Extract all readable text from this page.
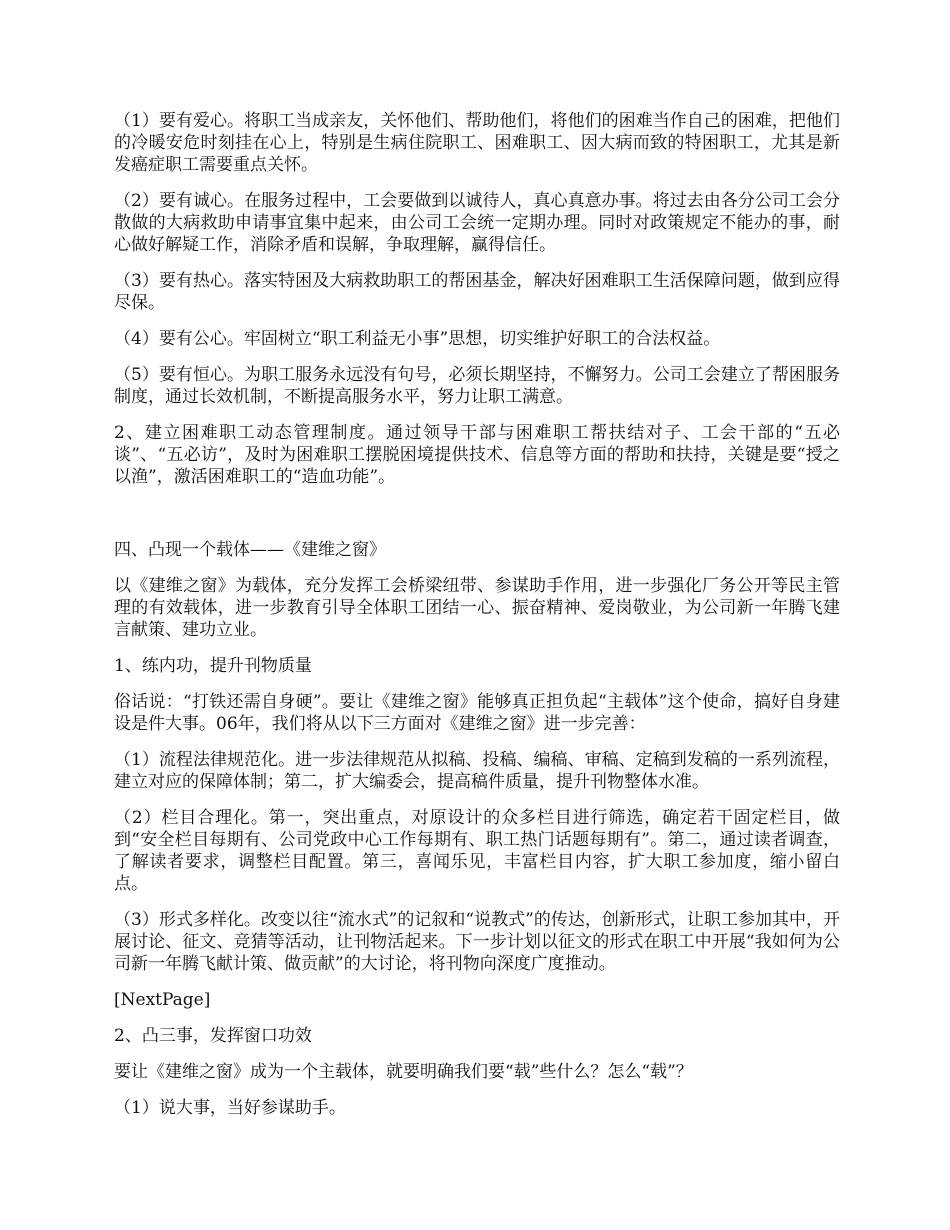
（1）要有爱心。将职工当成亲友，关怀他们、帮助他们，将他们的困难当作自己的困难，把他们的冷暖安危时刻挂在心上，特别是生病住院职工、困难职工、因大病而致的特困职工，尤其是新发癌症职工需要重点关怀。

（2）要有诚心。在服务过程中，工会要做到以诚待人，真心真意办事。将过去由各分公司工会分散做的大病救助申请事宜集中起来，由公司工会统一定期办理。同时对政策规定不能办的事，耐心做好解疑工作，消除矛盾和误解，争取理解，赢得信任。

（3）要有热心。落实特困及大病救助职工的帮困基金，解决好困难职工生活保障问题，做到应得尽保。

（4）要有公心。牢固树立“职工利益无小事”思想，切实维护好职工的合法权益。

（5）要有恒心。为职工服务永远没有句号，必须长期坚持，不懈努力。公司工会建立了帮困服务制度，通过长效机制，不断提高服务水平，努力让职工满意。

2、建立困难职工动态管理制度。通过领导干部与困难职工帮扶结对子、工会干部的“五必谈”、“五必访”，及时为困难职工摆脱困境提供技术、信息等方面的帮助和扶持，关键是要“授之以渔”，激活困难职工的“造血功能”。

四、凸现一个载体——《建维之窗》

以《建维之窗》为载体，充分发挥工会桥梁纽带、参谋助手作用，进一步强化厂务公开等民主管理的有效载体，进一步教育引导全体职工团结一心、振奋精神、爱岗敬业，为公司新一年腾飞建言献策、建功立业。

1、练内功，提升刊物质量

俗话说：“打铁还需自身硬”。要让《建维之窗》能够真正担负起“主载体”这个使命，搞好自身建设是件大事。06年，我们将从以下三方面对《建维之窗》进一步完善：

（1）流程法律规范化。进一步法律规范从拟稿、投稿、编稿、审稿、定稿到发稿的一系列流程，建立对应的保障体制；第二，扩大编委会，提高稿件质量，提升刊物整体水准。

（2）栏目合理化。第一，突出重点，对原设计的众多栏目进行筛选，确定若干固定栏目，做到“安全栏目每期有、公司党政中心工作每期有、职工热门话题每期有”。第二，通过读者调查，了解读者要求，调整栏目配置。第三，喜闻乐见，丰富栏目内容，扩大职工参加度，缩小留白点。

（3）形式多样化。改变以往“流水式”的记叙和“说教式”的传达，创新形式，让职工参加其中，开展讨论、征文、竞猜等活动，让刊物活起来。下一步计划以征文的形式在职工中开展“我如何为公司新一年腾飞献计策、做贡献”的大讨论，将刊物向深度广度推动。

[NextPage]

2、凸三事，发挥窗口功效

要让《建维之窗》成为一个主载体，就要明确我们要“载”些什么？怎么“载”？

（1）说大事，当好参谋助手。
